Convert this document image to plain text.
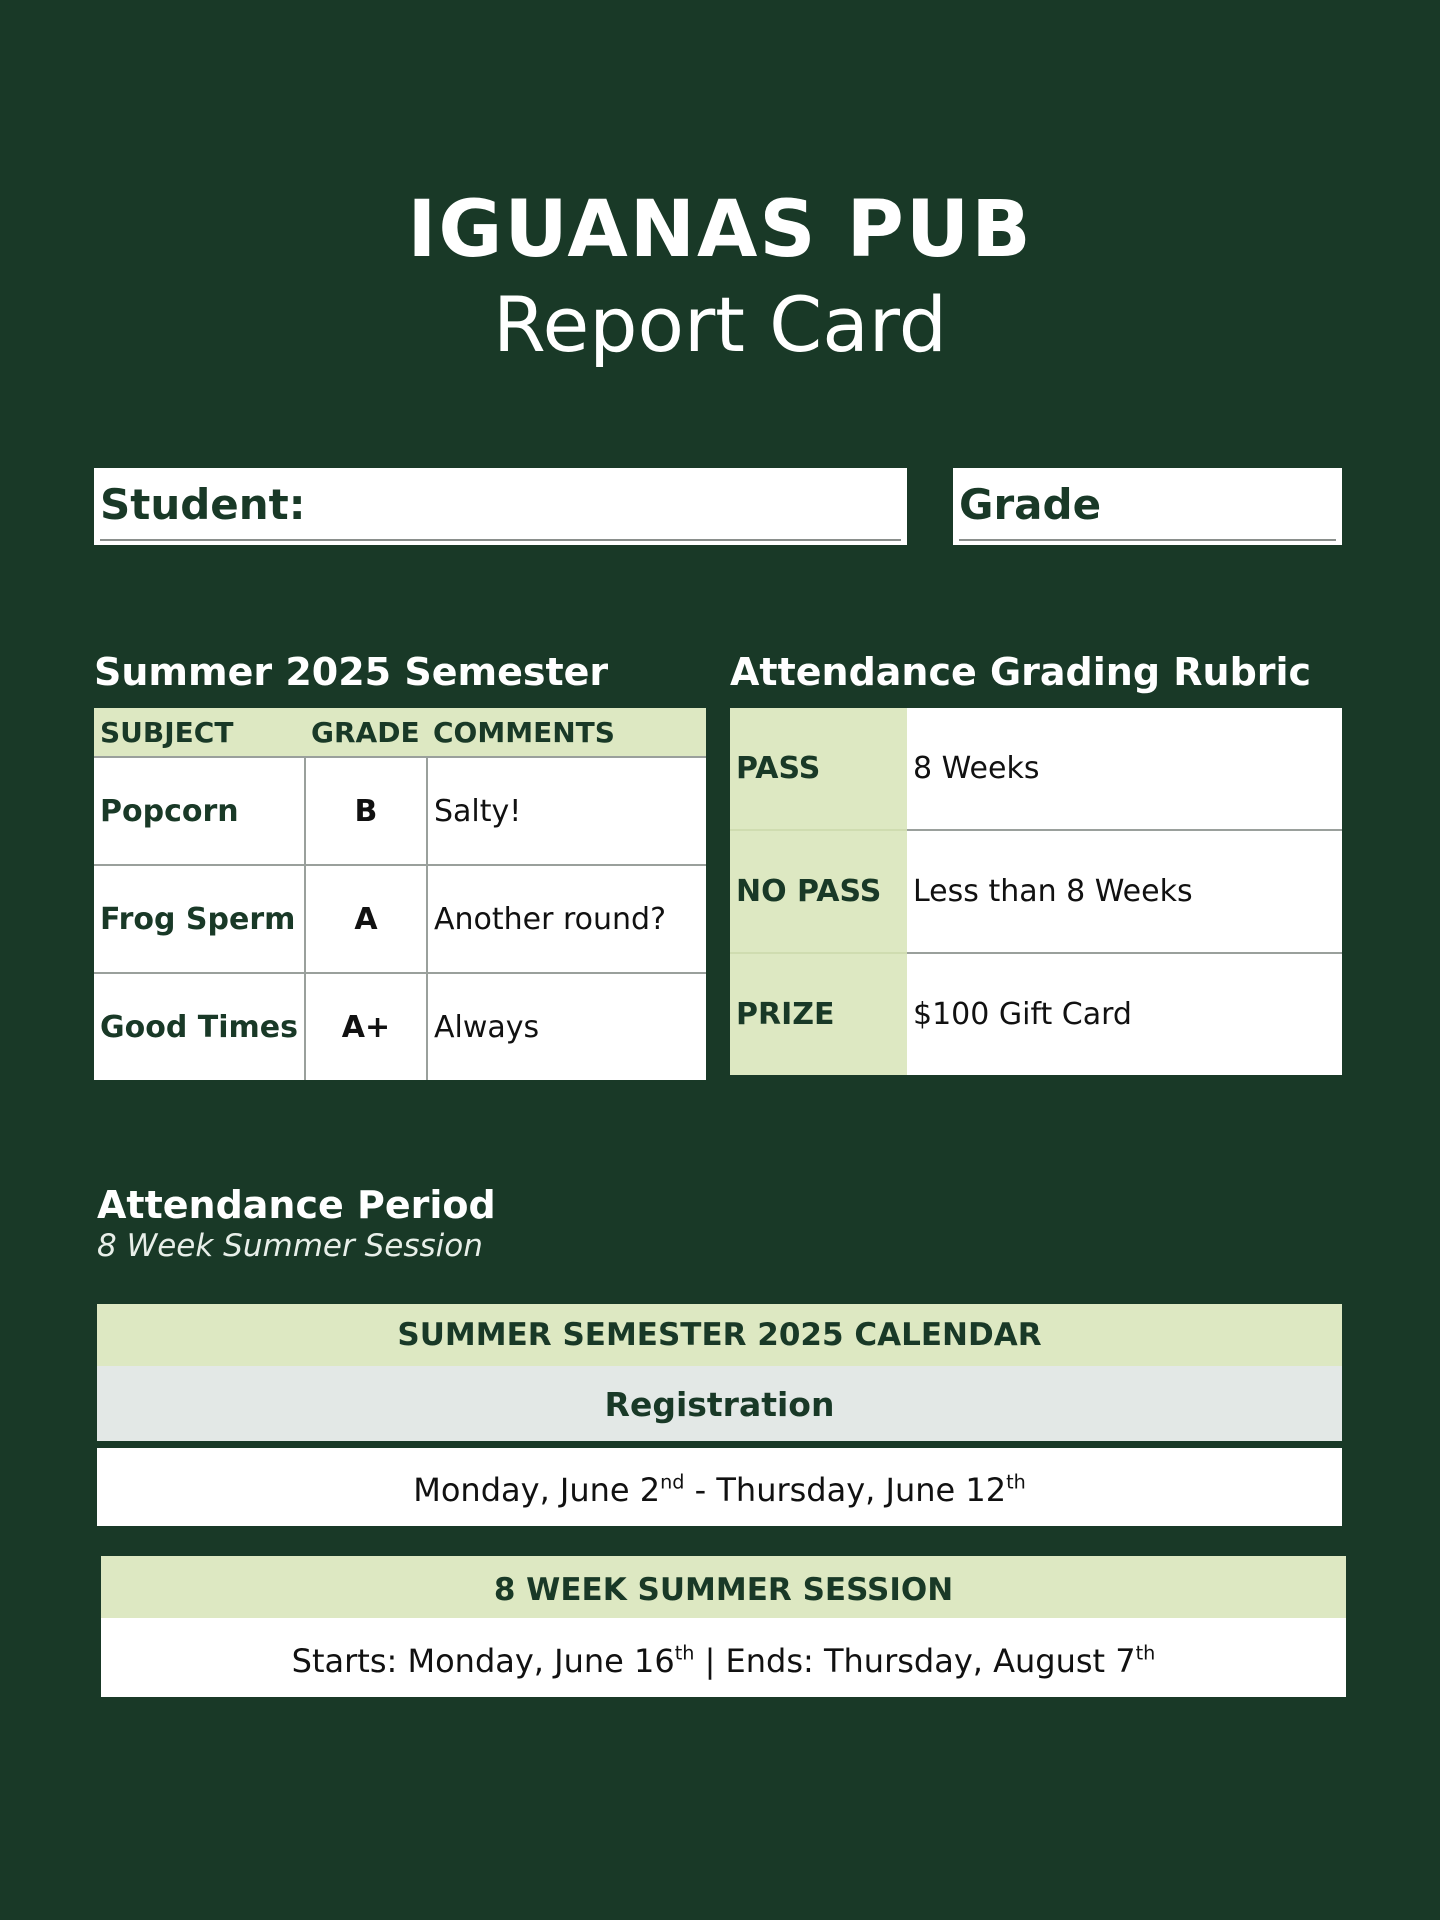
IGUANAS PUB
Report Card
Student:	Grade
Summer 2025 Semester	Attendance Grading Rubric
SUBJECT	GRADE	COMMENTS
Popcorn	B	Salty!
Frog Sperm	A	Another round?
Good Times	A+	Always
PASS	8 Weeks
NO PASS	Less than 8 Weeks
PRIZE	$100 Gift Card
Attendance Period
8 Week Summer Session
SUMMER SEMESTER 2025 CALENDAR
Registration
Monday, June 2nd - Thursday, June 12th
8 WEEK SUMMER SESSION
Starts: Monday, June 16th | Ends: Thursday, August 7th
